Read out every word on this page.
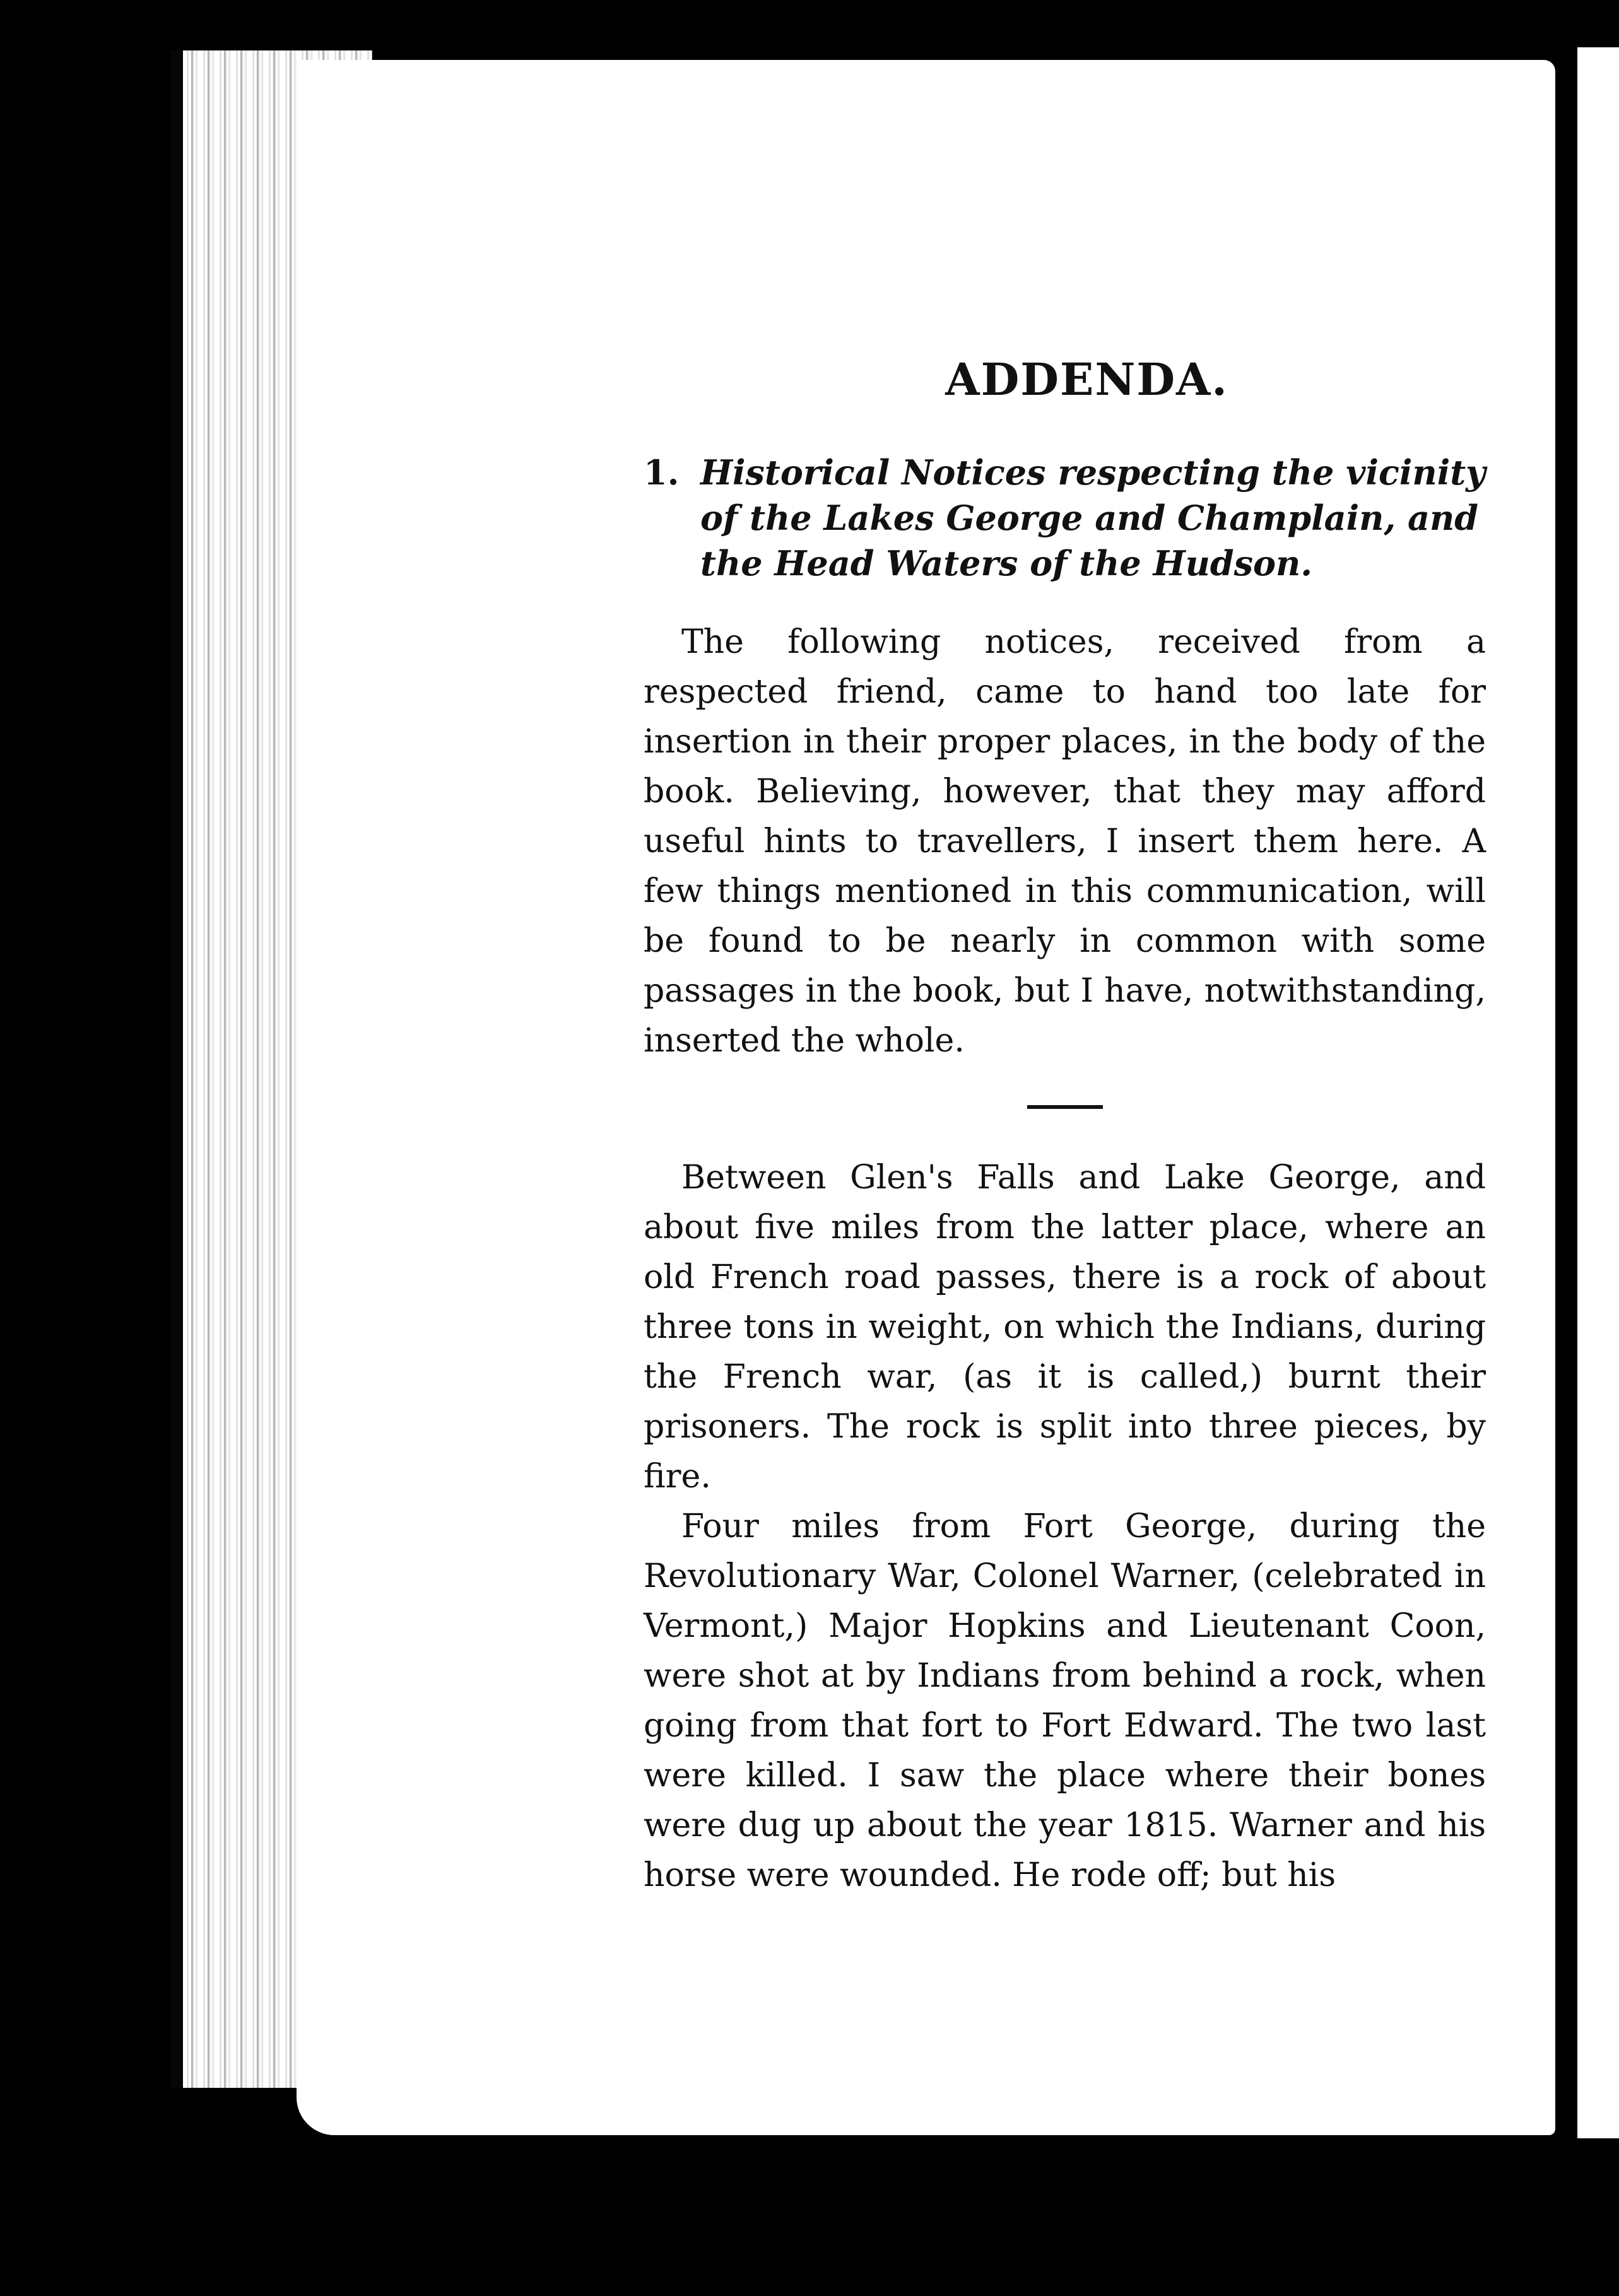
ADDENDA.

1. Historical Notices respecting the vicinity of the Lakes George and Champlain, and the Head Waters of the Hudson.

The following notices, received from a respected friend, came to hand too late for insertion in their proper places, in the body of the book. Believing, however, that they may afford useful hints to travellers, I insert them here. A few things mentioned in this communication, will be found to be nearly in common with some passages in the book, but I have, notwithstanding, inserted the whole.

Between Glen's Falls and Lake George, and about five miles from the latter place, where an old French road passes, there is a rock of about three tons in weight, on which the Indians, during the French war, (as it is called,) burnt their prisoners. The rock is split into three pieces, by fire.

Four miles from Fort George, during the Revolutionary War, Colonel Warner, (celebrated in Vermont,) Major Hopkins and Lieutenant Coon, were shot at by Indians from behind a rock, when going from that fort to Fort Edward. The two last were killed. I saw the place where their bones were dug up about the year 1815. Warner and his horse were wounded. He rode off; but his
